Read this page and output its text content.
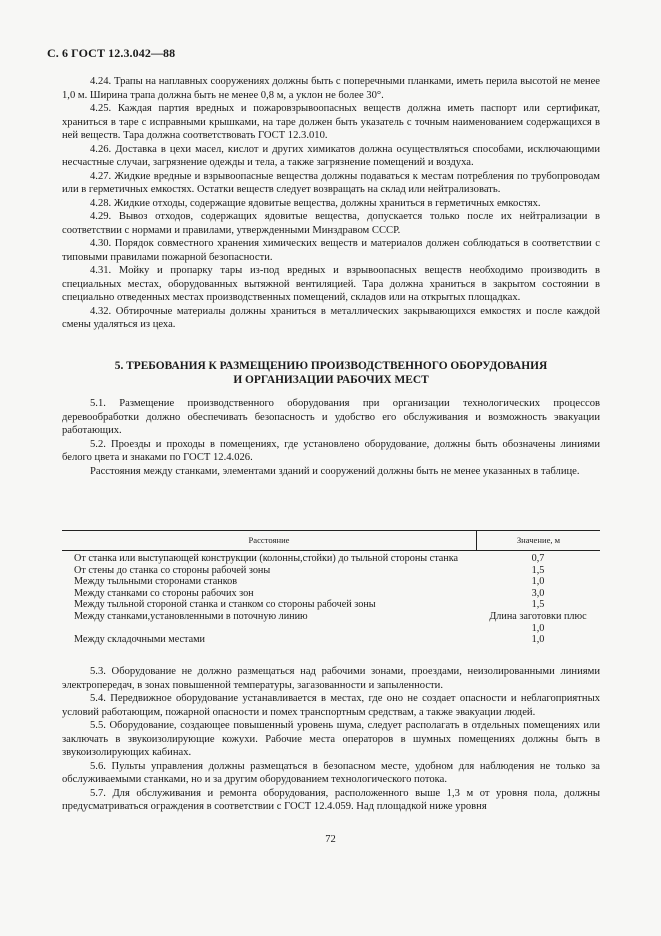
С. 6 ГОСТ 12.3.042—88

4.24. Трапы на наплавных сооружениях должны быть с поперечными планками, иметь перила высотой не менее 1,0 м. Ширина трапа должна быть не менее 0,8 м, а уклон не более 30°.

4.25. Каждая партия вредных и пожаровзрывоопасных веществ должна иметь паспорт или сертификат, храниться в таре с исправными крышками, на таре должен быть указатель с точным наименованием содержащихся в ней веществ. Тара должна соответствовать ГОСТ 12.3.010.

4.26. Доставка в цехи масел, кислот и других химикатов должна осуществляться способами, исключающими несчастные случаи, загрязнение одежды и тела, а также загрязнение помещений и воздуха.

4.27. Жидкие вредные и взрывоопасные вещества должны подаваться к местам потребления по трубопроводам или в герметичных емкостях. Остатки веществ следует возвращать на склад или нейтрализовать.

4.28. Жидкие отходы, содержащие ядовитые вещества, должны храниться в герметичных емкостях.

4.29. Вывоз отходов, содержащих ядовитые вещества, допускается только после их нейтрализации в соответствии с нормами и правилами, утвержденными Минздравом СССР.

4.30. Порядок совместного хранения химических веществ и материалов должен соблюдаться в соответствии с типовыми правилами пожарной безопасности.

4.31. Мойку и пропарку тары из-под вредных и взрывоопасных веществ необходимо производить в специальных местах, оборудованных вытяжной вентиляцией. Тара должна храниться в закрытом состоянии в специально отведенных местах производственных помещений, складов или на открытых площадках.

4.32. Обтирочные материалы должны храниться в металлических закрывающихся емкостях и после каждой смены удаляться из цеха.

5. ТРЕБОВАНИЯ К РАЗМЕЩЕНИЮ ПРОИЗВОДСТВЕННОГО ОБОРУДОВАНИЯ
И ОРГАНИЗАЦИИ РАБОЧИХ МЕСТ

5.1. Размещение производственного оборудования при организации технологических процессов деревообработки должно обеспечивать безопасность и удобство его обслуживания и возможность эвакуации работающих.

5.2. Проезды и проходы в помещениях, где установлено оборудование, должны быть обозначены линиями белого цвета и знаками по ГОСТ 12.4.026.

Расстояния между станками, элементами зданий и сооружений должны быть не менее указанных в таблице.

Расстояние	Значение, м
От станка или выступающей конструкции (колонны,стойки) до тыльной стороны станка	0,7
От стены до станка со стороны рабочей зоны	1,5
Между тыльными сторонами станков	1,0
Между станками со стороны рабочих зон	3,0
Между тыльной стороной станка и станком со стороны рабочей зоны	1,5
Между станками,установленными в поточную линию	Длина заготовки плюс 1,0
Между складочными местами	1,0

5.3. Оборудование не должно размещаться над рабочими зонами, проездами, неизолированными линиями электропередач, в зонах повышенной температуры, загазованности и запыленности.

5.4. Передвижное оборудование устанавливается в местах, где оно не создает опасности и неблагоприятных условий работающим, пожарной опасности и помех транспортным средствам, а также эвакуации людей.

5.5. Оборудование, создающее повышенный уровень шума, следует располагать в отдельных помещениях или заключать в звукоизолирующие кожухи. Рабочие места операторов в шумных помещениях должны быть в звукоизолирующих кабинах.

5.6. Пульты управления должны размещаться в безопасном месте, удобном для наблюдения не только за обслуживаемыми станками, но и за другим оборудованием технологического потока.

5.7. Для обслуживания и ремонта оборудования, расположенного выше 1,3 м от уровня пола, должны предусматриваться ограждения в соответствии с ГОСТ 12.4.059. Над площадкой ниже уровня

72
